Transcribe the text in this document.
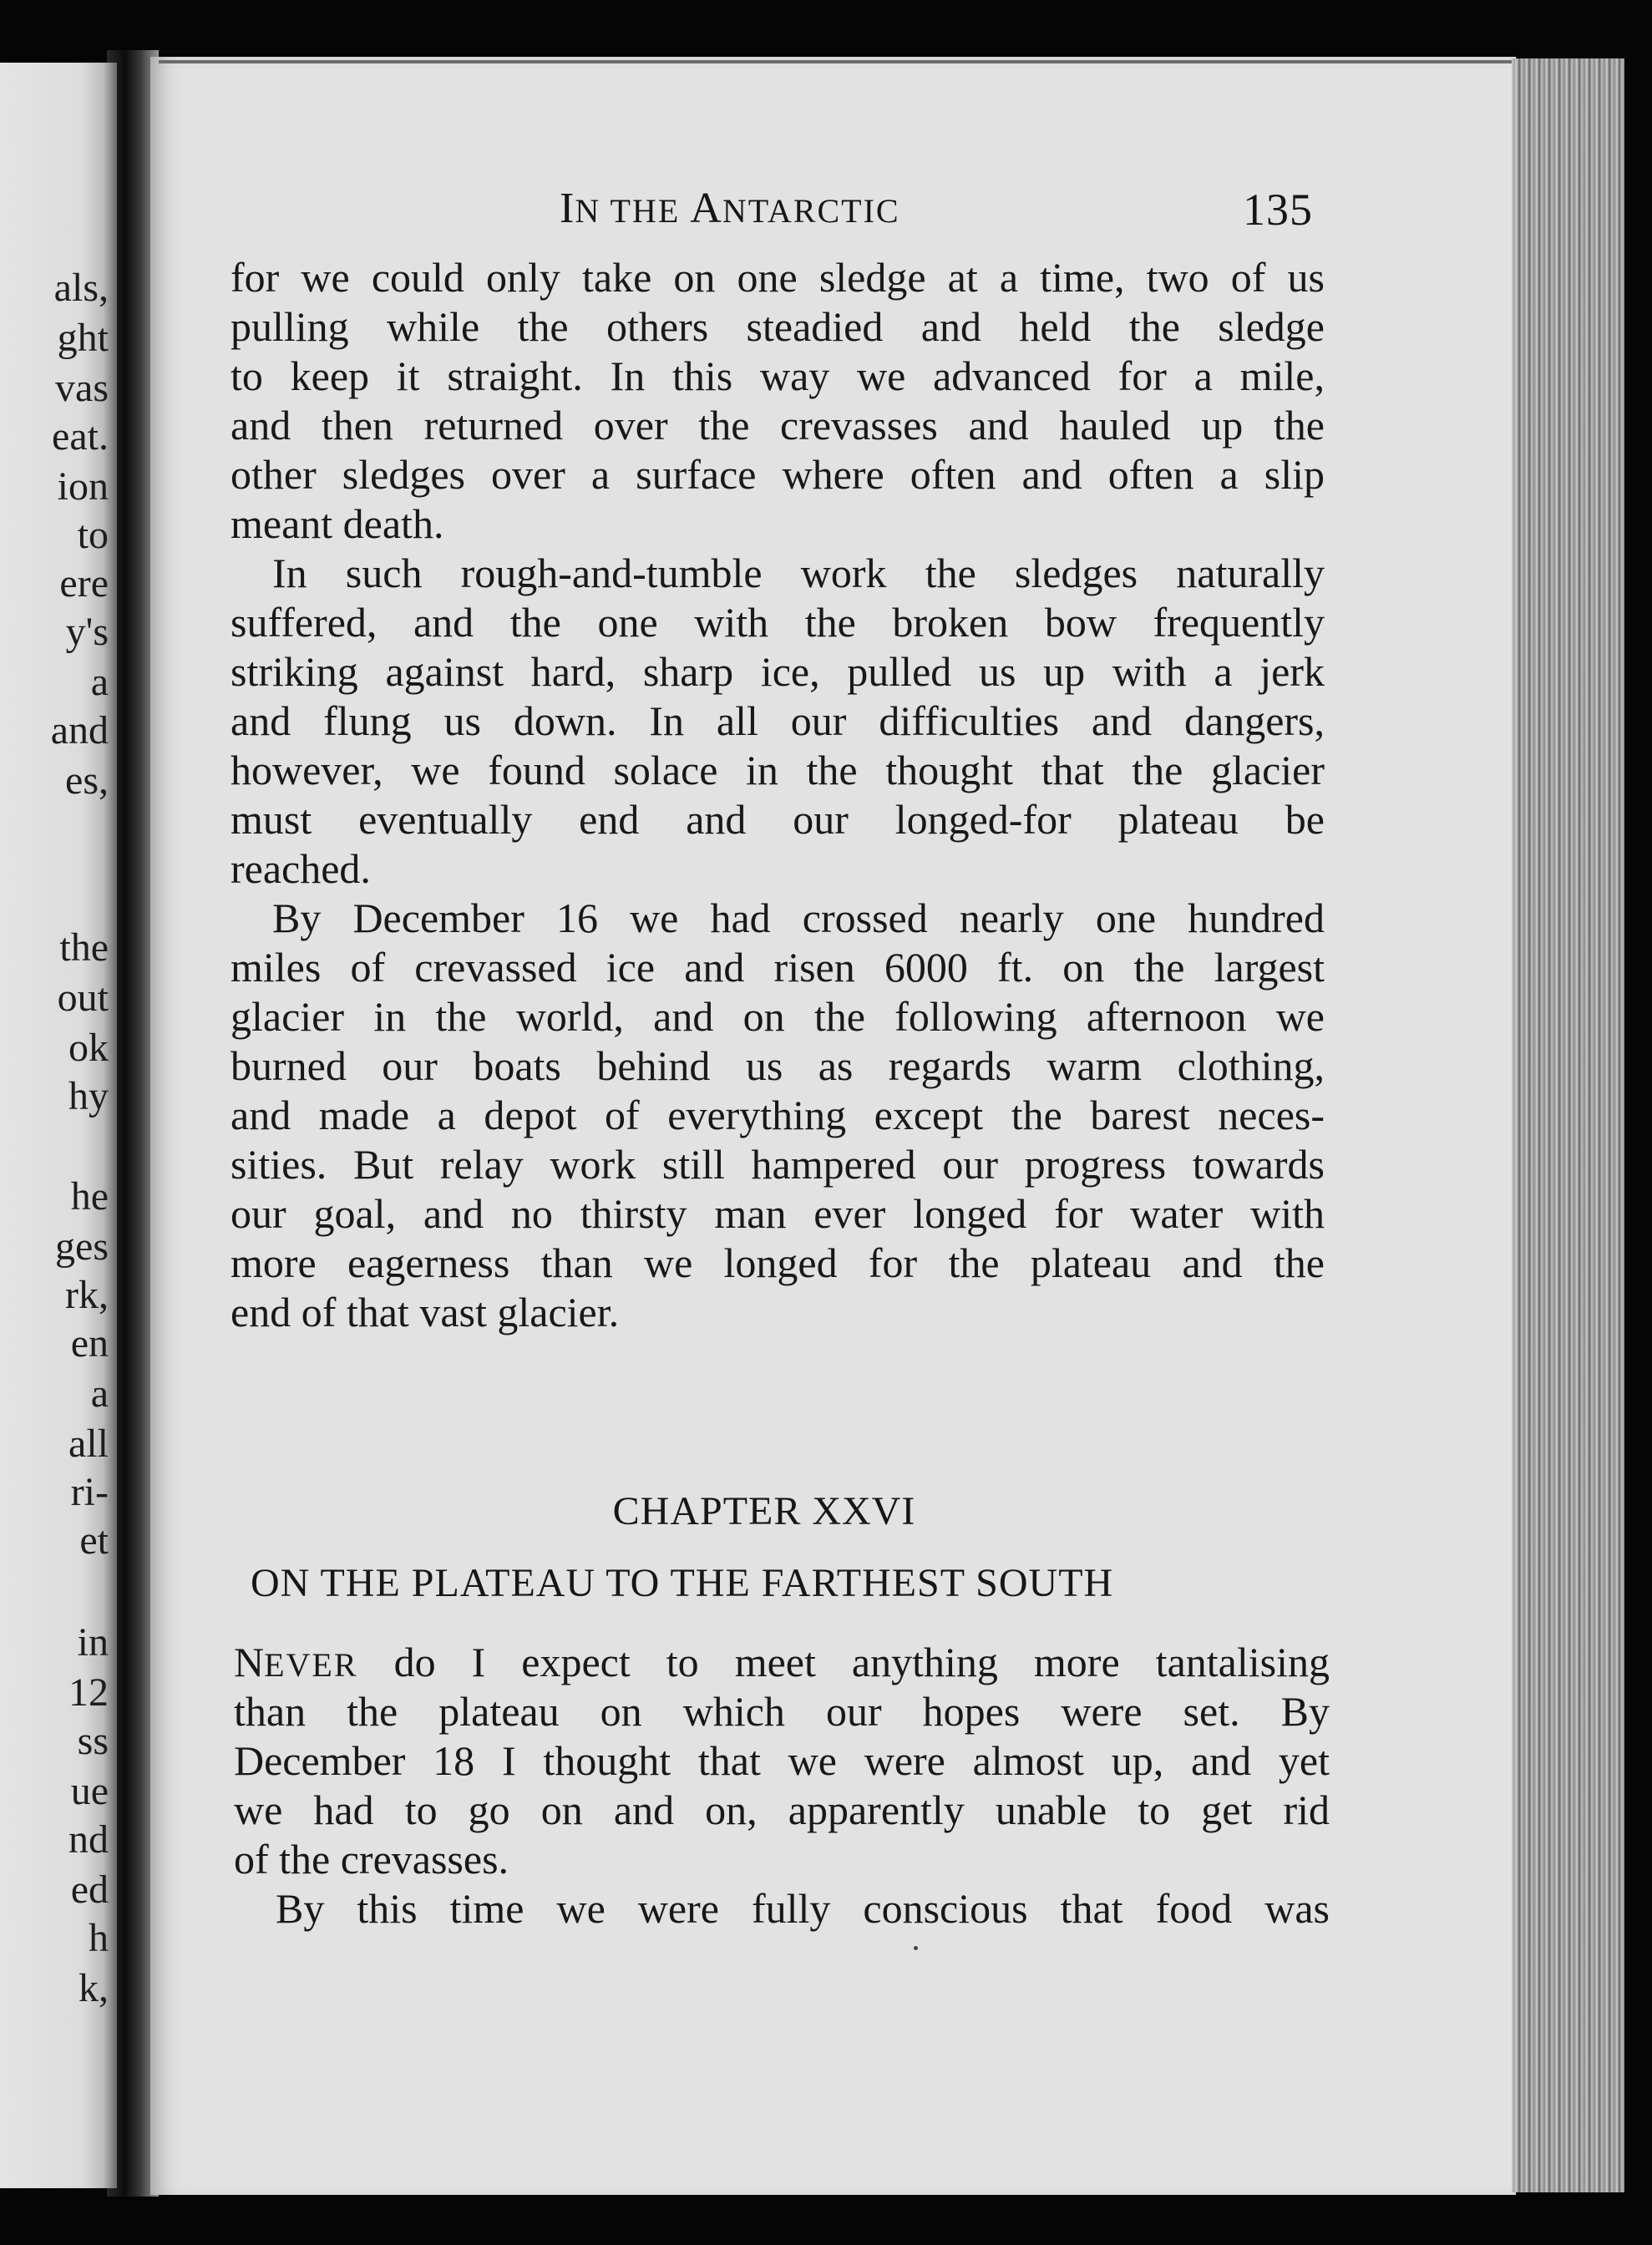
als,
ght
vas
eat.
ion
to
ere
y's
a
and
es,
the
out
ok
hy
he
ges
rk,
en
a
all
ri-
et
in
12
ss
ue
nd
ed
h
k,
IN THE ANTARCTIC	135
for we could only take on one sledge at a time, two of us
pulling while the others steadied and held the sledge
to keep it straight. In this way we advanced for a mile,
and then returned over the crevasses and hauled up the
other sledges over a surface where often and often a slip
meant death.
In such rough-and-tumble work the sledges naturally
suffered, and the one with the broken bow frequently
striking against hard, sharp ice, pulled us up with a jerk
and flung us down. In all our difficulties and dangers,
however, we found solace in the thought that the glacier
must eventually end and our longed-for plateau be
reached.
By December 16 we had crossed nearly one hundred
miles of crevassed ice and risen 6000 ft. on the largest
glacier in the world, and on the following afternoon we
burned our boats behind us as regards warm clothing,
and made a depot of everything except the barest neces-
sities. But relay work still hampered our progress towards
our goal, and no thirsty man ever longed for water with
more eagerness than we longed for the plateau and the
end of that vast glacier.
CHAPTER XXVI
ON THE PLATEAU TO THE FARTHEST SOUTH
NEVER do I expect to meet anything more tantalising
than the plateau on which our hopes were set. By
December 18 I thought that we were almost up, and yet
we had to go on and on, apparently unable to get rid
of the crevasses.
By this time we were fully conscious that food was
